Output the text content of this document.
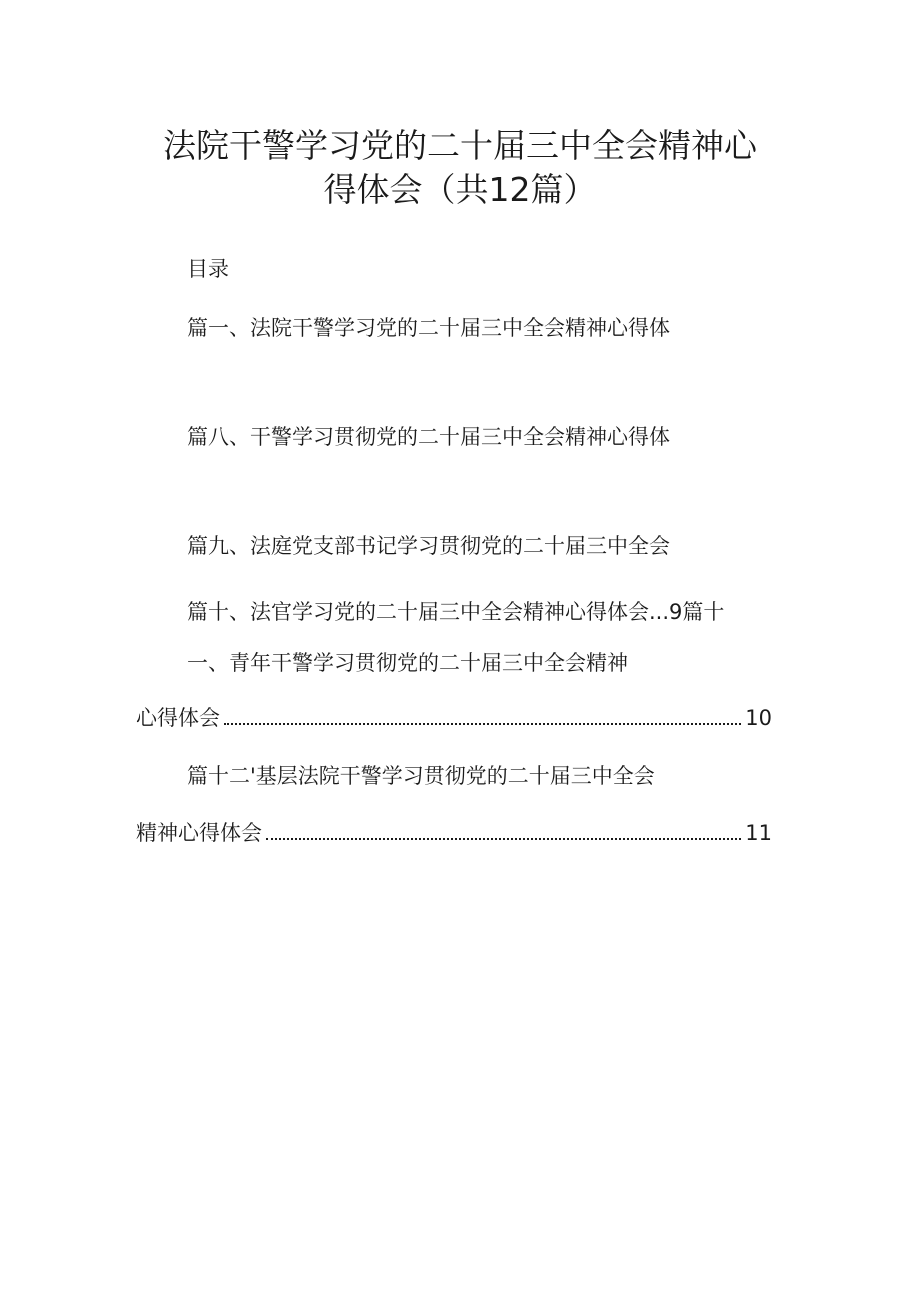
法院干警学习党的二十届三中全会精神心
得体会（共12篇）
目录
篇一、法院干警学习党的二十届三中全会精神心得体
篇八、干警学习贯彻党的二十届三中全会精神心得体
篇九、法庭党支部书记学习贯彻党的二十届三中全会
篇十、法官学习党的二十届三中全会精神心得体会...9篇十
一、青年干警学习贯彻党的二十届三中全会精神
心得体会	10
篇十二'基层法院干警学习贯彻党的二十届三中全会
精神心得体会	11
